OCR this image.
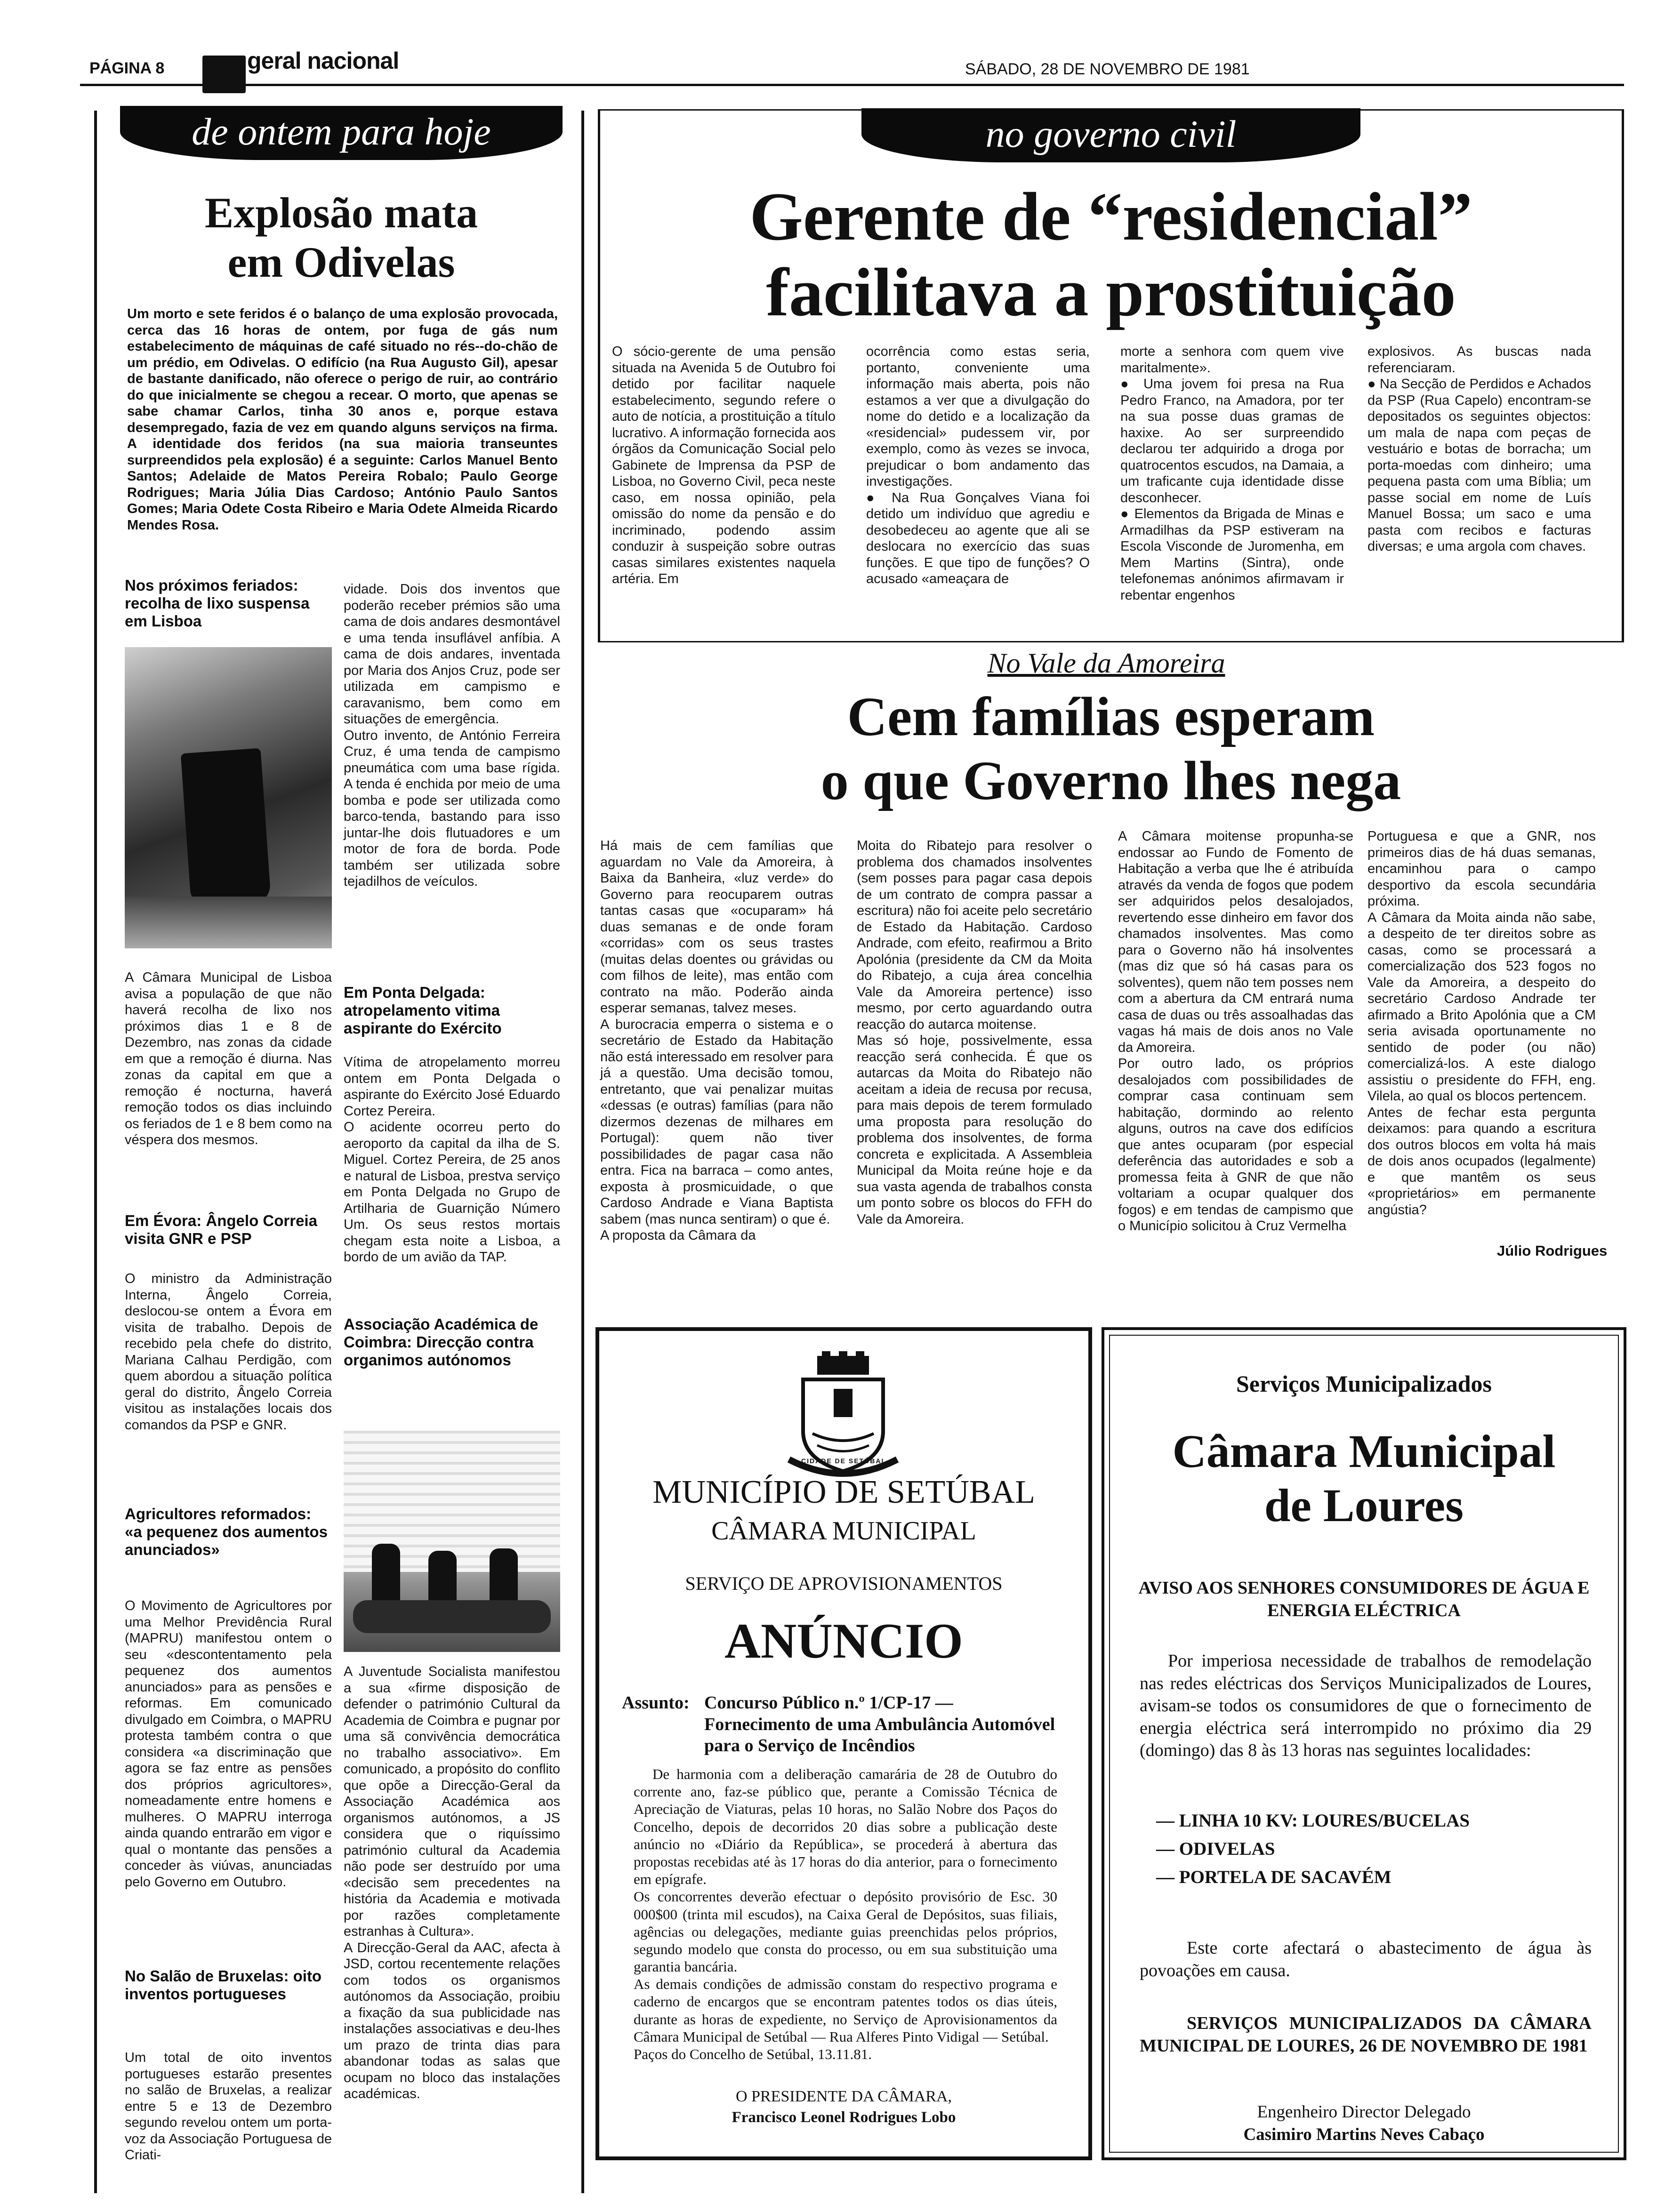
PÁGINA 8	geral nacional	SÁBADO, 28 DE NOVEMBRO DE 1981
de ontem para hoje
Explosão mata
em Odivelas
Um morto e sete feridos é o balanço de uma explosão provocada, cerca das 16 horas de ontem, por fuga de gás num estabelecimento de máquinas de café situado no rés--do-chão de um prédio, em Odivelas. O edifício (na Rua Augusto Gil), apesar de bastante danificado, não oferece o perigo de ruir, ao contrário do que inicialmente se chegou a recear. O morto, que apenas se sabe chamar Carlos, tinha 30 anos e, porque estava desempregado, fazia de vez em quando alguns serviços na firma. A identidade dos feridos (na sua maioria transeuntes surpreendidos pela explosão) é a seguinte: Carlos Manuel Bento Santos; Adelaide de Matos Pereira Robalo; Paulo George Rodrigues; Maria Júlia Dias Cardoso; António Paulo Santos Gomes; Maria Odete Costa Ribeiro e Maria Odete Almeida Ricardo Mendes Rosa.
Nos próximos feriados: recolha de lixo suspensa em Lisboa
A Câmara Municipal de Lisboa avisa a população de que não haverá recolha de lixo nos próximos dias 1 e 8 de Dezembro, nas zonas da cidade em que a remoção é diurna. Nas zonas da capital em que a remoção é nocturna, haverá remoção todos os dias incluindo os feriados de 1 e 8 bem como na véspera dos mesmos.
Em Évora: Ângelo Correia visita GNR e PSP
O ministro da Administração Interna, Ângelo Correia, deslocou-se ontem a Évora em visita de trabalho. Depois de recebido pela chefe do distrito, Mariana Calhau Perdigão, com quem abordou a situação política geral do distrito, Ângelo Correia visitou as instalações locais dos comandos da PSP e GNR.
Agricultores reformados: «a pequenez dos aumentos anunciados»
O Movimento de Agricultores por uma Melhor Previdência Rural (MAPRU) manifestou ontem o seu «descontentamento pela pequenez dos aumentos anunciados» para as pensões e reformas. Em comunicado divulgado em Coimbra, o MAPRU protesta também contra o que considera «a discriminação que agora se faz entre as pensões dos próprios agricultores», nomeadamente entre homens e mulheres. O MAPRU interroga ainda quando entrarão em vigor e qual o montante das pensões a conceder às viúvas, anunciadas pelo Governo em Outubro.
No Salão de Bruxelas: oito inventos portugueses
Um total de oito inventos portugueses estarão presentes no salão de Bruxelas, a realizar entre 5 e 13 de Dezembro segundo revelou ontem um porta-voz da Associação Portuguesa de Criati-
vidade. Dois dos inventos que poderão receber prémios são uma cama de dois andares desmontável e uma tenda insuflável anfíbia. A cama de dois andares, inventada por Maria dos Anjos Cruz, pode ser utilizada em campismo e caravanismo, bem como em situações de emergência.
Outro invento, de António Ferreira Cruz, é uma tenda de campismo pneumática com uma base rígida. A tenda é enchida por meio de uma bomba e pode ser utilizada como barco-tenda, bastando para isso juntar-lhe dois flutuadores e um motor de fora de borda. Pode também ser utilizada sobre tejadilhos de veículos.
Em Ponta Delgada: atropelamento vitima aspirante do Exército
Vítima de atropelamento morreu ontem em Ponta Delgada o aspirante do Exército José Eduardo Cortez Pereira.
O acidente ocorreu perto do aeroporto da capital da ilha de S. Miguel. Cortez Pereira, de 25 anos e natural de Lisboa, prestva serviço em Ponta Delgada no Grupo de Artilharia de Guarnição Número Um. Os seus restos mortais chegam esta noite a Lisboa, a bordo de um avião da TAP.
Associação Académica de Coimbra: Direcção contra organimos autónomos
A Juventude Socialista manifestou a sua «firme disposição de defender o património Cultural da Academia de Coimbra e pugnar por uma sã convivência democrática no trabalho associativo». Em comunicado, a propósito do conflito que opõe a Direcção-Geral da Associação Académica aos organismos autónomos, a JS considera que o riquíssimo património cultural da Academia não pode ser destruído por uma «decisão sem precedentes na história da Academia e motivada por razões completamente estranhas à Cultura».
A Direcção-Geral da AAC, afecta à JSD, cortou recentemente relações com todos os organismos autónomos da Associação, proibiu a fixação da sua publicidade nas instalações associativas e deu-lhes um prazo de trinta dias para abandonar todas as salas que ocupam no bloco das instalações académicas.
no governo civil
Gerente de “residencial”
facilitava a prostituição
O sócio-gerente de uma pensão situada na Avenida 5 de Outubro foi detido por facilitar naquele estabelecimento, segundo refere o auto de notícia, a prostituição a título lucrativo. A informação fornecida aos órgãos da Comunicação Social pelo Gabinete de Imprensa da PSP de Lisboa, no Governo Civil, peca neste caso, em nossa opinião, pela omissão do nome da pensão e do incriminado, podendo assim conduzir à suspeição sobre outras casas similares existentes naquela artéria. Em
ocorrência como estas seria, portanto, conveniente uma informação mais aberta, pois não estamos a ver que a divulgação do nome do detido e a localização da «residencial» pudessem vir, por exemplo, como às vezes se invoca, prejudicar o bom andamento das investigações.
● Na Rua Gonçalves Viana foi detido um indivíduo que agrediu e desobedeceu ao agente que ali se deslocara no exercício das suas funções. E que tipo de funções? O acusado «ameaçara de
morte a senhora com quem vive maritalmente».
● Uma jovem foi presa na Rua Pedro Franco, na Amadora, por ter na sua posse duas gramas de haxixe. Ao ser surpreendido declarou ter adquirido a droga por quatrocentos escudos, na Damaia, a um traficante cuja identidade disse desconhecer.
● Elementos da Brigada de Minas e Armadilhas da PSP estiveram na Escola Visconde de Juromenha, em Mem Martins (Sintra), onde telefonemas anónimos afirmavam ir rebentar engenhos
explosivos. As buscas nada referenciaram.
● Na Secção de Perdidos e Achados da PSP (Rua Capelo) encontram-se depositados os seguintes objectos: um mala de napa com peças de vestuário e botas de borracha; um porta-moedas com dinheiro; uma pequena pasta com uma Bíblia; um passe social em nome de Luís Manuel Bossa; um saco e uma pasta com recibos e facturas diversas; e uma argola com chaves.
No Vale da Amoreira
Cem famílias esperam
o que Governo lhes nega
Há mais de cem famílias que aguardam no Vale da Amoreira, à Baixa da Banheira, «luz verde» do Governo para reocuparem outras tantas casas que «ocuparam» há duas semanas e de onde foram «corridas» com os seus trastes (muitas delas doentes ou grávidas ou com filhos de leite), mas então com contrato na mão. Poderão ainda esperar semanas, talvez meses.
A burocracia emperra o sistema e o secretário de Estado da Habitação não está interessado em resolver para já a questão. Uma decisão tomou, entretanto, que vai penalizar muitas «dessas (e outras) famílias (para não dizermos dezenas de milhares em Portugal): quem não tiver possibilidades de pagar casa não entra. Fica na barraca – como antes, exposta à prosmicuidade, o que Cardoso Andrade e Viana Baptista sabem (mas nunca sentiram) o que é.
A proposta da Câmara da
Moita do Ribatejo para resolver o problema dos chamados insolventes (sem posses para pagar casa depois de um contrato de compra passar a escritura) não foi aceite pelo secretário de Estado da Habitação. Cardoso Andrade, com efeito, reafirmou a Brito Apolónia (presidente da CM da Moita do Ribatejo, a cuja área concelhia Vale da Amoreira pertence) isso mesmo, por certo aguardando outra reacção do autarca moitense.
Mas só hoje, possivelmente, essa reacção será conhecida. É que os autarcas da Moita do Ribatejo não aceitam a ideia de recusa por recusa, para mais depois de terem formulado uma proposta para resolução do problema dos insolventes, de forma concreta e explicitada. A Assembleia Municipal da Moita reúne hoje e da sua vasta agenda de trabalhos consta um ponto sobre os blocos do FFH do Vale da Amoreira.
A Câmara moitense propunha-se endossar ao Fundo de Fomento de Habitação a verba que lhe é atribuída através da venda de fogos que podem ser adquiridos pelos desalojados, revertendo esse dinheiro em favor dos chamados insolventes. Mas como para o Governo não há insolventes (mas diz que só há casas para os solventes), quem não tem posses nem com a abertura da CM entrará numa casa de duas ou três assoalhadas das vagas há mais de dois anos no Vale da Amoreira.
Por outro lado, os próprios desalojados com possibilidades de comprar casa continuam sem habitação, dormindo ao relento alguns, outros na cave dos edifícios que antes ocuparam (por especial deferência das autoridades e sob a promessa feita à GNR de que não voltariam a ocupar qualquer dos fogos) e em tendas de campismo que o Município solicitou à Cruz Vermelha
Portuguesa e que a GNR, nos primeiros dias de há duas semanas, encaminhou para o campo desportivo da escola secundária próxima.
A Câmara da Moita ainda não sabe, a despeito de ter direitos sobre as casas, como se processará a comercialização dos 523 fogos no Vale da Amoreira, a despeito do secretário Cardoso Andrade ter afirmado a Brito Apolónia que a CM seria avisada oportunamente no sentido de poder (ou não) comercializá-los. A este dialogo assistiu o presidente do FFH, eng. Vilela, ao qual os blocos pertencem.
Antes de fechar esta pergunta deixamos: para quando a escritura dos outros blocos em volta há mais de dois anos ocupados (legalmente) e que mantêm os seus «proprietários» em permanente angústia?
Júlio Rodrigues
CIDADE DE SETÚBAL
MUNICÍPIO DE SETÚBAL
CÂMARA MUNICIPAL
SERVIÇO DE APROVISIONAMENTOS
ANÚNCIO
Assunto: Concurso Público n.º 1/CP-17 — Fornecimento de uma Ambulância Automóvel para o Serviço de Incêndios
De harmonia com a deliberação camarária de 28 de Outubro do corrente ano, faz-se público que, perante a Comissão Técnica de Apreciação de Viaturas, pelas 10 horas, no Salão Nobre dos Paços do Concelho, depois de decorridos 20 dias sobre a publicação deste anúncio no «Diário da República», se procederá à abertura das propostas recebidas até às 17 horas do dia anterior, para o fornecimento em epígrafe.
Os concorrentes deverão efectuar o depósito provisório de Esc. 30 000$00 (trinta mil escudos), na Caixa Geral de Depósitos, suas filiais, agências ou delegações, mediante guias preenchidas pelos próprios, segundo modelo que consta do processo, ou em sua substituição uma garantia bancária.
As demais condições de admissão constam do respectivo programa e caderno de encargos que se encontram patentes todos os dias úteis, durante as horas de expediente, no Serviço de Aprovisionamentos da Câmara Municipal de Setúbal — Rua Alferes Pinto Vidigal — Setúbal.
Paços do Concelho de Setúbal, 13.11.81.
O PRESIDENTE DA CÂMARA,
Francisco Leonel Rodrigues Lobo
Serviços Municipalizados
Câmara Municipal
de Loures
AVISO AOS SENHORES CONSUMIDORES DE ÁGUA E ENERGIA ELÉCTRICA
Por imperiosa necessidade de trabalhos de remodelação nas redes eléctricas dos Serviços Municipalizados de Loures, avisam-se todos os consumidores de que o fornecimento de energia eléctrica será interrompido no próximo dia 29 (domingo) das 8 às 13 horas nas seguintes localidades:
— LINHA 10 KV: LOURES/BUCELAS
— ODIVELAS
— PORTELA DE SACAVÉM
Este corte afectará o abastecimento de água às povoações em causa.
SERVIÇOS MUNICIPALIZADOS DA CÂMARA MUNICIPAL DE LOURES, 26 DE NOVEMBRO DE 1981
Engenheiro Director Delegado
Casimiro Martins Neves Cabaço
